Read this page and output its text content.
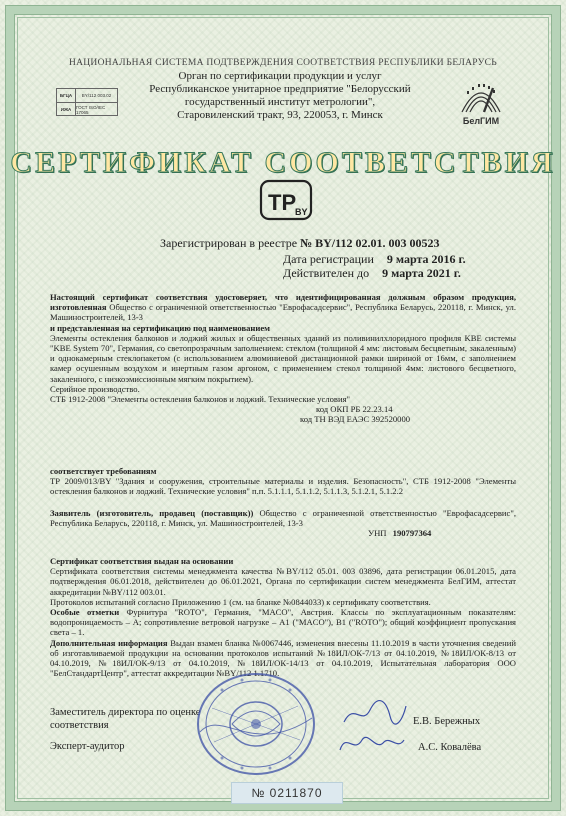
НАЦИОНАЛЬНАЯ СИСТЕМА ПОДТВЕРЖДЕНИЯ СООТВЕТСТВИЯ РЕСПУБЛИКИ БЕЛАРУСЬ
Орган по сертификации продукции и услуг
Республиканское унитарное предприятие "Белорусский
государственный институт метрологии",
Старовиленский тракт, 93, 220053, г. Минск
БГЦА	BY/112 003.02
ИЖА	ГОСТ ISO/IEC 17065
БелГИМ
СЕРТИФИКАТ СООТВЕТСТВИЯ
TP
BY
Зарегистрирован в реестре № BY/112 02.01. 003 00523
Дата регистрации 9 марта 2016 г.
Действителен до 9 марта 2021 г.
Настоящий сертификат соответствия удостоверяет, что идентифицированная должным образом продукция, изготовленная Общество с ограниченной ответственностью "Еврофасадсервис", Республика Беларусь, 220118, г. Минск, ул. Машиностроителей, 13-3
и представленная на сертификацию под наименованием
Элементы остекления балконов и лоджий жилых и общественных зданий из поливинилхлоридного профиля KBE системы "KBE System 70", Германия, со светопрозрачным заполнением: стеклом (толщиной 4 мм: листовым бесцветным, закаленным) и однокамерным стеклопакетом (с использованием алюминиевой дистанционной рамки шириной от 16мм, с заполнением камер осушенным воздухом и инертным газом аргоном, с применением стекол толщиной 4мм: листового бесцветного, закаленного, с низкоэмиссионным мягким покрытием).
Серийное производство.
СТБ 1912-2008 "Элементы остекления балконов и лоджий. Технические условия"
код ОКП РБ 22.23.14
код ТН ВЭД ЕАЭС 392520000
соответствует требованиям
ТР 2009/013/BY "Здания и сооружения, строительные материалы и изделия. Безопасность", СТБ 1912-2008 "Элементы остекления балконов и лоджий. Технические условия" п.п. 5.1.1.1, 5.1.1.2, 5.1.1.3, 5.1.2.1, 5.1.2.2
Заявитель (изготовитель, продавец (поставщик)) Общество с ограниченной ответственностью "Еврофасадсервис", Республика Беларусь, 220118, г. Минск, ул. Машиностроителей, 13-3
УНП 190797364
Сертификат соответствия выдан на основании
Сертификата соответствия системы менеджмента качества №BY/112 05.01. 003 03896, дата регистрации 06.01.2015, дата подтверждения 06.01.2018, действителен до 06.01.2021, Органа по сертификации систем менеджмента БелГИМ, аттестат аккредитации №BY/112 003.01.
Протоколов испытаний согласно Приложению 1 (см. на бланке №0844033) к сертификату соответствия.
Особые отметки Фурнитура "ROTO", Германия, "MACO", Австрия. Классы по эксплуатационным показателям: водопроницаемость – А; сопротивление ветровой нагрузке – А1 ("MACO"), В1 ("ROTO"); общий коэффициент пропускания света – 1.
Дополнительная информация Выдан взамен бланка №0067446, изменения внесены 11.10.2019 в части уточнения сведений об изготавливаемой продукции на основании протоколов испытаний №18ИЛ/ОК-7/13 от 04.10.2019, №18ИЛ/ОК-8/13 от 04.10.2019, №18ИЛ/ОК-9/13 от 04.10.2019, №18ИЛ/ОК-14/13 от 04.10.2019, Испытательная лаборатория ООО "БелСтандартЦентр", аттестат аккредитации №BY/112 1.1710.
Заместитель директора по оценке
соответствия	Е.В. Бережных
Эксперт-аудитор	А.С. Ковалёва
№ 0211870
